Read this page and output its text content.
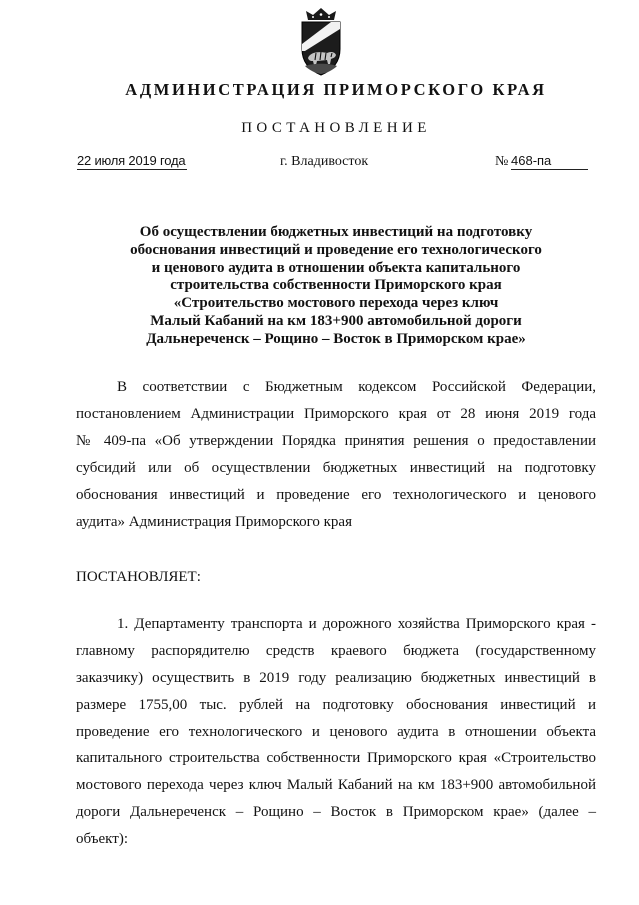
АДМИНИСТРАЦИЯ ПРИМОРСКОГО КРАЯ
ПОСТАНОВЛЕНИЕ
22 июля 2019 года	г. Владивосток	№ 468-па
Об осуществлении бюджетных инвестиций на подготовку
обоснования инвестиций и проведение его технологического
и ценового аудита в отношении объекта капитального
строительства собственности Приморского края
«Строительство мостового перехода через ключ
Малый Кабаний на км 183+900 автомобильной дороги
Дальнереченск – Рощино – Восток в Приморском крае»
В соответствии с Бюджетным кодексом Российской Федерации,
постановлением Администрации Приморского края от 28 июня 2019 года
№ 409-па «Об утверждении Порядка принятия решения о предоставлении
субсидий или об осуществлении бюджетных инвестиций на подготовку
обоснования инвестиций и проведение его технологического и ценового
аудита» Администрация Приморского края
ПОСТАНОВЛЯЕТ:
1. Департаменту транспорта и дорожного хозяйства Приморского края -
главному распорядителю средств краевого бюджета (государственному
заказчику) осуществить в 2019 году реализацию бюджетных инвестиций в
размере 1755,00 тыс. рублей на подготовку обоснования инвестиций и
проведение его технологического и ценового аудита в отношении объекта
капитального строительства собственности Приморского края «Строительство
мостового перехода через ключ Малый Кабаний на км 183+900 автомобильной
дороги Дальнереченск – Рощино – Восток в Приморском крае» (далее –
объект):
